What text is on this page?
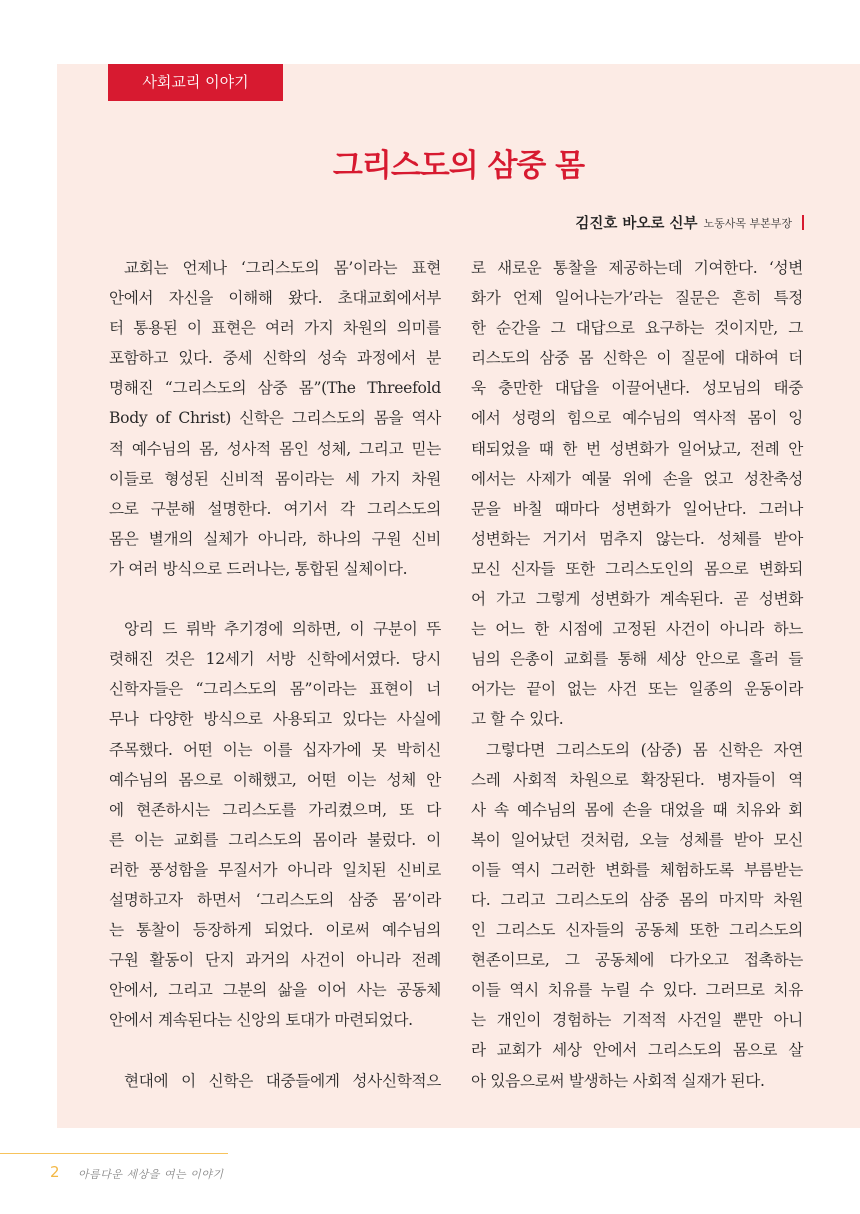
사회교리 이야기
그리스도의 삼중 몸
김진호 바오로 신부 노동사목 부본부장
교회는 언제나 ‘그리스도의 몸’이라는 표현
안에서 자신을 이해해 왔다. 초대교회에서부
터 통용된 이 표현은 여러 가지 차원의 의미를
포함하고 있다. 중세 신학의 성숙 과정에서 분
명해진 “그리스도의 삼중 몸”(The Threefold
Body of Christ) 신학은 그리스도의 몸을 역사
적 예수님의 몸, 성사적 몸인 성체, 그리고 믿는
이들로 형성된 신비적 몸이라는 세 가지 차원
으로 구분해 설명한다. 여기서 각 그리스도의
몸은 별개의 실체가 아니라, 하나의 구원 신비
가 여러 방식으로 드러나는, 통합된 실체이다.
앙리 드 뤼박 추기경에 의하면, 이 구분이 뚜
렷해진 것은 12세기 서방 신학에서였다. 당시
신학자들은 “그리스도의 몸”이라는 표현이 너
무나 다양한 방식으로 사용되고 있다는 사실에
주목했다. 어떤 이는 이를 십자가에 못 박히신
예수님의 몸으로 이해했고, 어떤 이는 성체 안
에 현존하시는 그리스도를 가리켰으며, 또 다
른 이는 교회를 그리스도의 몸이라 불렀다. 이
러한 풍성함을 무질서가 아니라 일치된 신비로
설명하고자 하면서 ‘그리스도의 삼중 몸’이라
는 통찰이 등장하게 되었다. 이로써 예수님의
구원 활동이 단지 과거의 사건이 아니라 전례
안에서, 그리고 그분의 삶을 이어 사는 공동체
안에서 계속된다는 신앙의 토대가 마련되었다.
현대에 이 신학은 대중들에게 성사신학적으
로 새로운 통찰을 제공하는데 기여한다. ‘성변
화가 언제 일어나는가’라는 질문은 흔히 특정
한 순간을 그 대답으로 요구하는 것이지만, 그
리스도의 삼중 몸 신학은 이 질문에 대하여 더
욱 충만한 대답을 이끌어낸다. 성모님의 태중
에서 성령의 힘으로 예수님의 역사적 몸이 잉
태되었을 때 한 번 성변화가 일어났고, 전례 안
에서는 사제가 예물 위에 손을 얹고 성찬축성
문을 바칠 때마다 성변화가 일어난다. 그러나
성변화는 거기서 멈추지 않는다. 성체를 받아
모신 신자들 또한 그리스도인의 몸으로 변화되
어 가고 그렇게 성변화가 계속된다. 곧 성변화
는 어느 한 시점에 고정된 사건이 아니라 하느
님의 은총이 교회를 통해 세상 안으로 흘러 들
어가는 끝이 없는 사건 또는 일종의 운동이라
고 할 수 있다.
그렇다면 그리스도의 (삼중) 몸 신학은 자연
스레 사회적 차원으로 확장된다. 병자들이 역
사 속 예수님의 몸에 손을 대었을 때 치유와 회
복이 일어났던 것처럼, 오늘 성체를 받아 모신
이들 역시 그러한 변화를 체험하도록 부름받는
다. 그리고 그리스도의 삼중 몸의 마지막 차원
인 그리스도 신자들의 공동체 또한 그리스도의
현존이므로, 그 공동체에 다가오고 접촉하는
이들 역시 치유를 누릴 수 있다. 그러므로 치유
는 개인이 경험하는 기적적 사건일 뿐만 아니
라 교회가 세상 안에서 그리스도의 몸으로 살
아 있음으로써 발생하는 사회적 실재가 된다.
2 아름다운 세상을 여는 이야기
